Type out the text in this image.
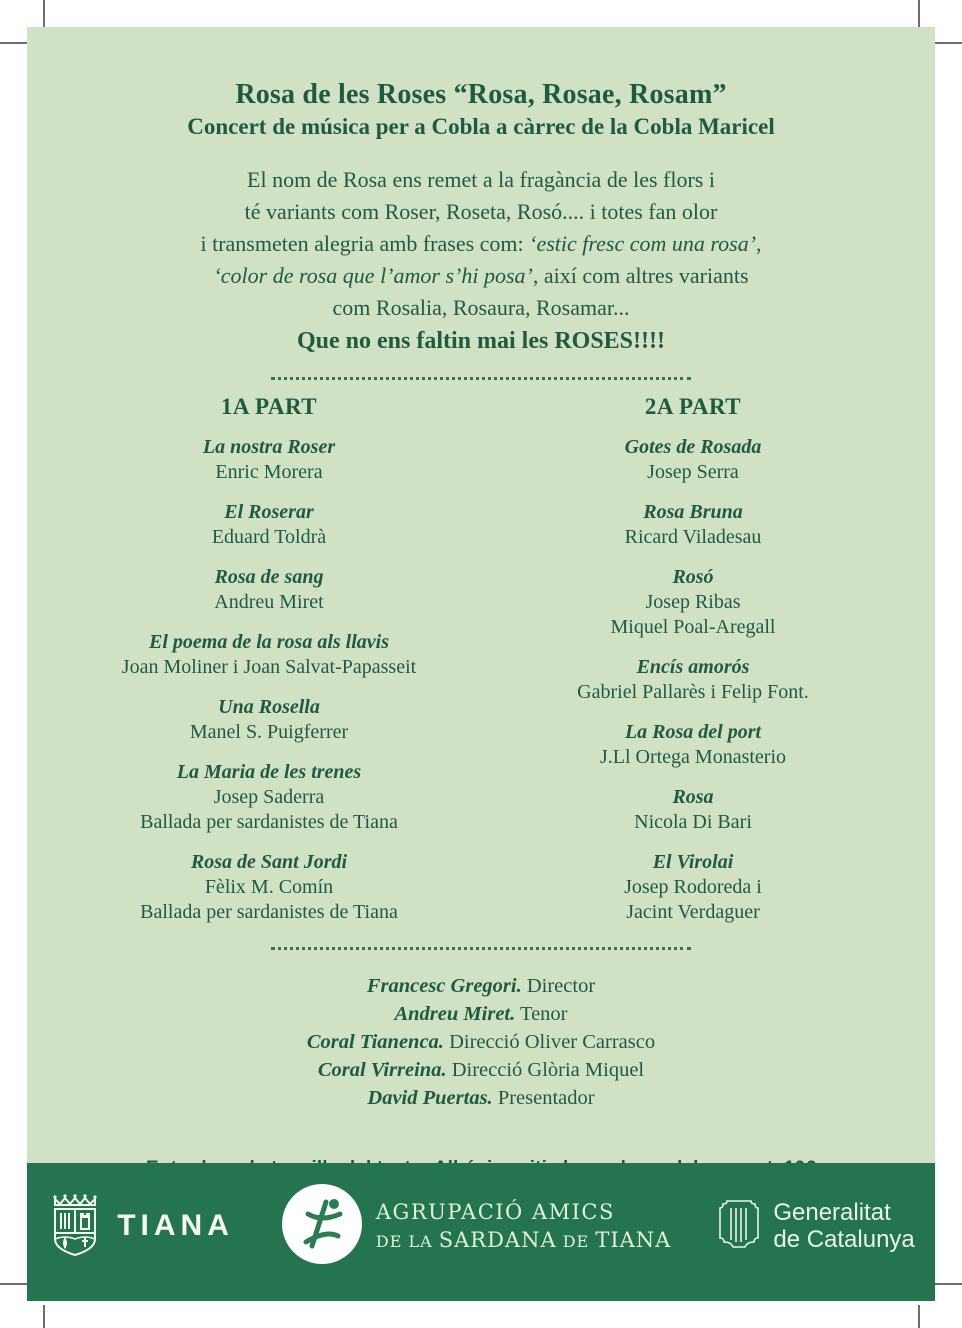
Rosa de les Roses “Rosa, Rosae, Rosam”
Concert de música per a Cobla a càrrec de la Cobla Maricel
El nom de Rosa ens remet a la fragància de les flors i
té variants com Roser, Roseta, Rosó.... i totes fan olor
i transmeten alegria amb frases com: ‘estic fresc com una rosa’,
‘color de rosa que l’amor s’hi posa’, així com altres variants
com Rosalia, Rosaura, Rosamar...
Que no ens faltin mai les ROSES!!!!
1A PART
La nostra Roser
Enric Morera
El Roserar
Eduard Toldrà
Rosa de sang
Andreu Miret
El poema de la rosa als llavis
Joan Moliner i Joan Salvat-Papasseit
Una Rosella
Manel S. Puigferrer
La Maria de les trenes
Josep Saderra
Ballada per sardanistes de Tiana
Rosa de Sant Jordi
Fèlix M. Comín
Ballada per sardanistes de Tiana
2A PART
Gotes de Rosada
Josep Serra
Rosa Bruna
Ricard Viladesau
Rosó
Josep Ribas
Miquel Poal-Aregall
Encís amorós
Gabriel Pallarès i Felip Font.
La Rosa del port
J.Ll Ortega Monasterio
Rosa
Nicola Di Bari
El Virolai
Josep Rodoreda i
Jacint Verdaguer
Francesc Gregori. Director
Andreu Miret. Tenor
Coral Tianenca. Direcció Oliver Carrasco
Coral Virreina. Direcció Glòria Miquel
David Puertas. Presentador
TIANA	AGRUPACIÓ AMICS
DE LA SARDANA DE TIANA
Generalitat
de Catalunya
